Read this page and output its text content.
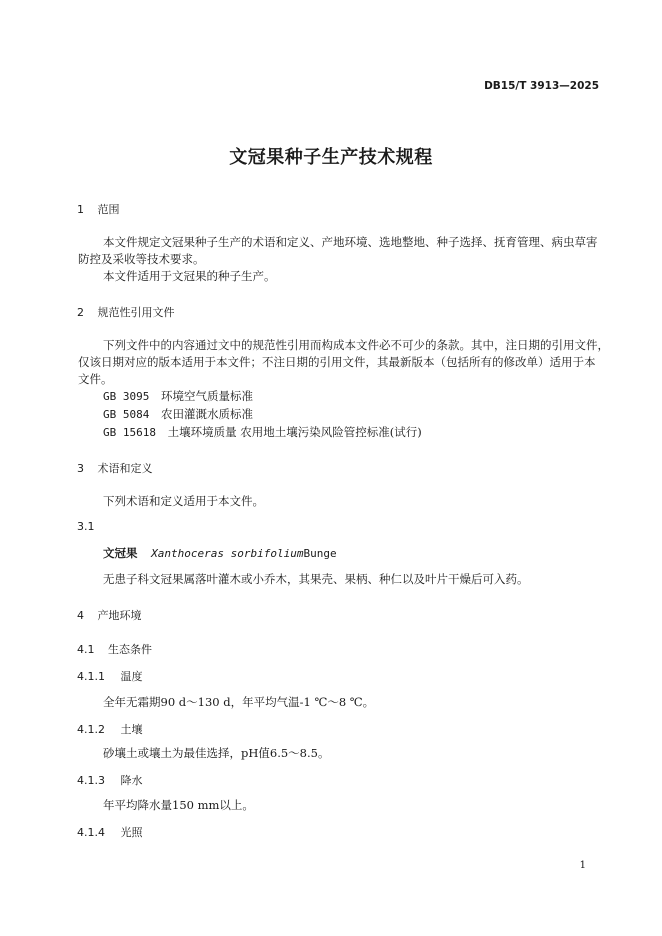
DB15/T 3913—2025
文冠果种子生产技术规程
1 范围
本文件规定文冠果种子生产的术语和定义、产地环境、选地整地、种子选择、抚育管理、病虫草害
防控及采收等技术要求。
本文件适用于文冠果的种子生产。
2 规范性引用文件
下列文件中的内容通过文中的规范性引用而构成本文件必不可少的条款。其中，注日期的引用文件，
仅该日期对应的版本适用于本文件；不注日期的引用文件，其最新版本（包括所有的修改单）适用于本
文件。
GB 3095 环境空气质量标准
GB 5084 农田灌溉水质标准
GB 15618 土壤环境质量 农用地土壤污染风险管控标准(试行)
3 术语和定义
下列术语和定义适用于本文件。
3.1
文冠果 Xanthoceras sorbifoliumBunge
无患子科文冠果属落叶灌木或小乔木，其果壳、果柄、种仁以及叶片干燥后可入药。
4 产地环境
4.1 生态条件
4.1.1 温度
全年无霜期90 d～130 d，年平均气温-1 ℃～8 ℃。
4.1.2 土壤
砂壤土或壤土为最佳选择，pH值6.5～8.5。
4.1.3 降水
年平均降水量150 mm以上。
4.1.4 光照
1
